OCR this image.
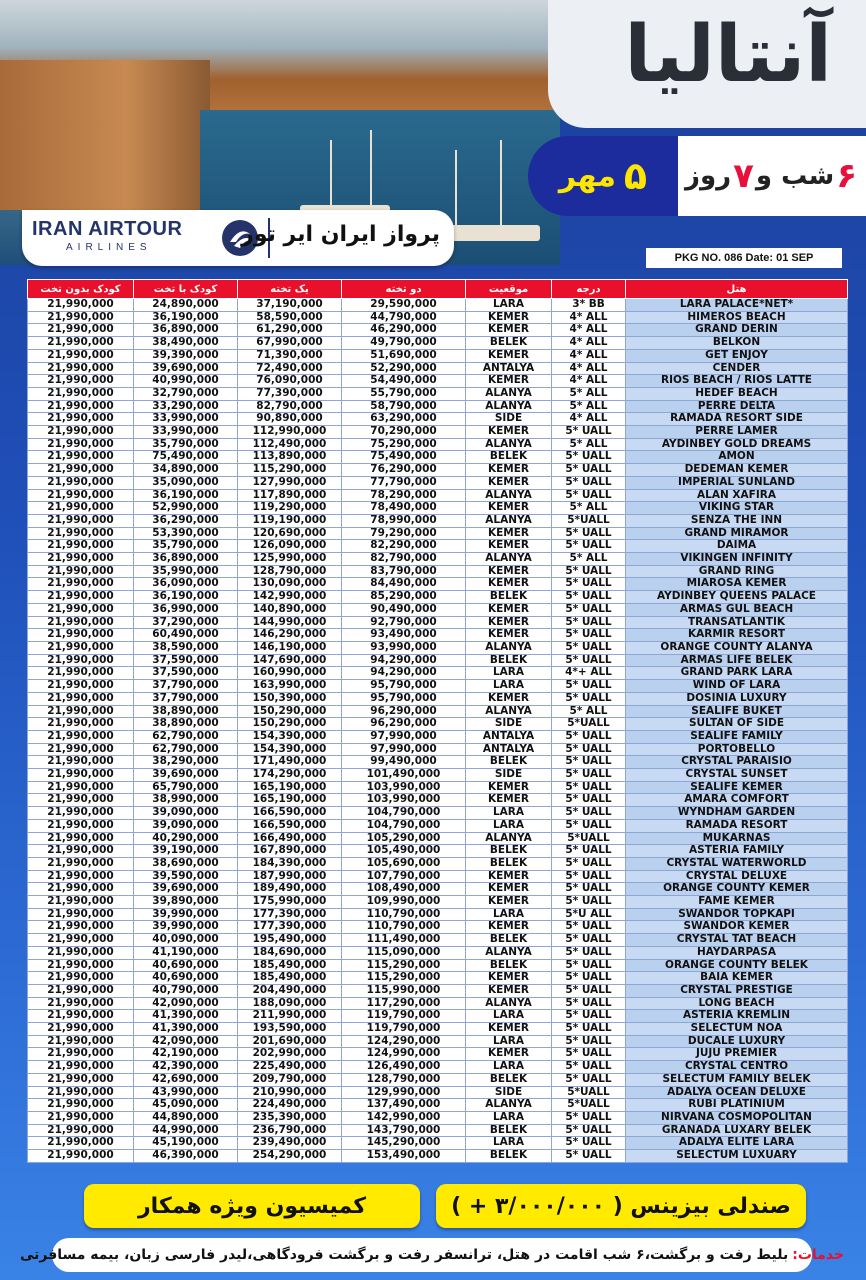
آنتالیا
۵
مهر	۶
شب و
۷
روز
IRAN AIRTOUR
AIRLINES
پرواز ایران ایر تور
PKG NO. 086 Date: 01 SEP
کودک بدون تخت	کودک با تخت	یک تخته	دو تخته	موقعیت	درجه	هتل
21,990,000	24,890,000	37,190,000	29,590,000	LARA	3* BB	LARA PALACE*NET*
21,990,000	36,190,000	58,590,000	44,790,000	KEMER	4* ALL	HIMEROS BEACH
21,990,000	36,890,000	61,290,000	46,290,000	KEMER	4* ALL	GRAND DERIN
21,990,000	38,490,000	67,990,000	49,790,000	BELEK	4* ALL	BELKON
21,990,000	39,390,000	71,390,000	51,690,000	KEMER	4* ALL	GET ENJOY
21,990,000	39,690,000	72,490,000	52,290,000	ANTALYA	4* ALL	CENDER
21,990,000	40,990,000	76,090,000	54,490,000	KEMER	4* ALL	RIOS BEACH / RIOS LATTE
21,990,000	32,790,000	77,390,000	55,790,000	ALANYA	5* ALL	HEDEF BEACH
21,990,000	33,290,000	82,790,000	58,790,000	ALANYA	5* ALL	PERRE DELTA
21,990,000	33,990,000	90,890,000	63,290,000	SIDE	4* ALL	RAMADA RESORT SIDE
21,990,000	33,990,000	112,990,000	70,290,000	KEMER	5* UALL	PERRE LAMER
21,990,000	35,790,000	112,490,000	75,290,000	ALANYA	5* ALL	AYDINBEY GOLD DREAMS
21,990,000	75,490,000	113,890,000	75,490,000	BELEK	5* UALL	AMON
21,990,000	34,890,000	115,290,000	76,290,000	KEMER	5* UALL	DEDEMAN KEMER
21,990,000	35,090,000	127,990,000	77,790,000	KEMER	5* UALL	IMPERIAL SUNLAND
21,990,000	36,190,000	117,890,000	78,290,000	ALANYA	5* UALL	ALAN XAFIRA
21,990,000	52,990,000	119,290,000	78,490,000	KEMER	5* ALL	VIKING STAR
21,990,000	36,290,000	119,190,000	78,990,000	ALANYA	5*UALL	SENZA THE INN
21,990,000	53,390,000	120,690,000	79,290,000	KEMER	5* UALL	GRAND MIRAMOR
21,990,000	35,790,000	126,090,000	82,290,000	KEMER	5* UALL	DAIMA
21,990,000	36,890,000	125,990,000	82,790,000	ALANYA	5* ALL	VIKINGEN INFINITY
21,990,000	35,990,000	128,790,000	83,790,000	KEMER	5* UALL	GRAND RING
21,990,000	36,090,000	130,090,000	84,490,000	KEMER	5* UALL	MIAROSA KEMER
21,990,000	36,190,000	142,990,000	85,290,000	BELEK	5* UALL	AYDINBEY QUEENS PALACE
21,990,000	36,990,000	140,890,000	90,490,000	KEMER	5* UALL	ARMAS GUL BEACH
21,990,000	37,290,000	144,990,000	92,790,000	KEMER	5* UALL	TRANSATLANTIK
21,990,000	60,490,000	146,290,000	93,490,000	KEMER	5* UALL	KARMIR RESORT
21,990,000	38,590,000	146,190,000	93,990,000	ALANYA	5* UALL	ORANGE COUNTY ALANYA
21,990,000	37,590,000	147,690,000	94,290,000	BELEK	5* UALL	ARMAS LIFE BELEK
21,990,000	37,590,000	160,990,000	94,290,000	LARA	4*+ ALL	GRAND PARK LARA
21,990,000	37,790,000	163,990,000	95,790,000	LARA	5* UALL	WIND OF LARA
21,990,000	37,790,000	150,390,000	95,790,000	KEMER	5* UALL	DOSINIA LUXURY
21,990,000	38,890,000	150,290,000	96,290,000	ALANYA	5* ALL	SEALIFE BUKET
21,990,000	38,890,000	150,290,000	96,290,000	SIDE	5*UALL	SULTAN OF SIDE
21,990,000	62,790,000	154,390,000	97,990,000	ANTALYA	5* UALL	SEALIFE FAMILY
21,990,000	62,790,000	154,390,000	97,990,000	ANTALYA	5* UALL	PORTOBELLO
21,990,000	38,290,000	171,490,000	99,490,000	BELEK	5* UALL	CRYSTAL PARAISIO
21,990,000	39,690,000	174,290,000	101,490,000	SIDE	5* UALL	CRYSTAL SUNSET
21,990,000	65,790,000	165,190,000	103,990,000	KEMER	5* UALL	SEALIFE KEMER
21,990,000	38,990,000	165,190,000	103,990,000	KEMER	5* UALL	AMARA COMFORT
21,990,000	39,090,000	166,590,000	104,790,000	LARA	5* UALL	WYNDHAM GARDEN
21,990,000	39,090,000	166,590,000	104,790,000	LARA	5* UALL	RAMADA RESORT
21,990,000	40,290,000	166,490,000	105,290,000	ALANYA	5*UALL	MUKARNAS
21,990,000	39,190,000	167,890,000	105,490,000	BELEK	5* UALL	ASTERIA FAMILY
21,990,000	38,690,000	184,390,000	105,690,000	BELEK	5* UALL	CRYSTAL WATERWORLD
21,990,000	39,590,000	187,990,000	107,790,000	KEMER	5* UALL	CRYSTAL DELUXE
21,990,000	39,690,000	189,490,000	108,490,000	KEMER	5* UALL	ORANGE COUNTY KEMER
21,990,000	39,890,000	175,990,000	109,990,000	KEMER	5* UALL	FAME KEMER
21,990,000	39,990,000	177,390,000	110,790,000	LARA	5*U ALL	SWANDOR TOPKAPI
21,990,000	39,990,000	177,390,000	110,790,000	KEMER	5* UALL	SWANDOR KEMER
21,990,000	40,090,000	195,490,000	111,490,000	BELEK	5* UALL	CRYSTAL TAT BEACH
21,990,000	41,190,000	184,690,000	115,090,000	ALANYA	5* UALL	HAYDARPASA
21,990,000	40,690,000	185,490,000	115,290,000	BELEK	5* UALL	ORANGE COUNTY BELEK
21,990,000	40,690,000	185,490,000	115,290,000	KEMER	5* UALL	BAIA KEMER
21,990,000	40,790,000	204,490,000	115,990,000	KEMER	5* UALL	CRYSTAL PRESTIGE
21,990,000	42,090,000	188,090,000	117,290,000	ALANYA	5* UALL	LONG BEACH
21,990,000	41,390,000	211,990,000	119,790,000	LARA	5* UALL	ASTERIA KREMLIN
21,990,000	41,390,000	193,590,000	119,790,000	KEMER	5* UALL	SELECTUM NOA
21,990,000	42,090,000	201,690,000	124,290,000	LARA	5* UALL	DUCALE LUXURY
21,990,000	42,190,000	202,990,000	124,990,000	KEMER	5* UALL	JUJU PREMIER
21,990,000	42,390,000	225,490,000	126,490,000	LARA	5* UALL	CRYSTAL CENTRO
21,990,000	42,690,000	209,790,000	128,790,000	BELEK	5* UALL	SELECTUM FAMILY BELEK
21,990,000	43,990,000	210,990,000	129,990,000	SIDE	5*UALL	ADALYA OCEAN DELUXE
21,990,000	45,090,000	224,490,000	137,490,000	ALANYA	5*UALL	RUBI PLATINIUM
21,990,000	44,890,000	235,390,000	142,990,000	LARA	5* UALL	NIRVANA COSMOPOLITAN
21,990,000	44,990,000	236,790,000	143,790,000	BELEK	5* UALL	GRANADA LUXARY BELEK
21,990,000	45,190,000	239,490,000	145,290,000	LARA	5* UALL	ADALYA ELITE LARA
21,990,000	46,390,000	254,290,000	153,490,000	BELEK	5* UALL	SELECTUM LUXUARY
کمیسیون ویژه همکار	صندلی بیزینس ( ۳/۰۰۰/۰۰۰ + )
خدمات:
بلیط رفت و برگشت،۶ شب اقامت در هتل، ترانسفر رفت و برگشت فرودگاهی،لیدر فارسی زبان، بیمه مسافرتی
